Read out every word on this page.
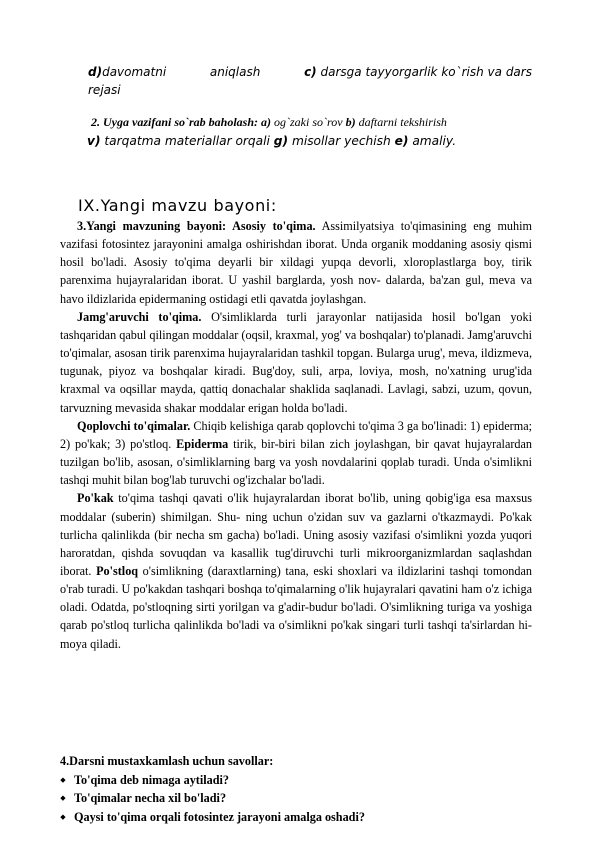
d)davomatni	aniqlash	c) darsga tayyorgarlik ko`rish va dars
rejasi
2. Uyga vazifani so`rab baholash: a) og`zaki so`rov b) daftarni tekshirish
v) tarqatma materiallar orqali g) misollar yechish e) amaliy.
IX.Yangi mavzu bayoni:

3.Yangi mavzuning bayoni: Asosiy to'qima. Assimilyatsiya to'qimasining eng muhim vazifasi fotosintez jarayonini amalga oshirishdan iborat. Unda organik moddaning asosiy qismi hosil bo'ladi. Asosiy to'qima deyarli bir xildagi yupqa devorli, xloroplastlarga boy, tirik parenxima hujayralaridan iborat. U yashil barglarda, yosh nov- dalarda, ba'zan gul, meva va havo ildizlarida epidermaning ostidagi etli qavatda joylashgan.

Jamg'aruvchi to'qima. O'simliklarda turli jarayonlar natijasida hosil bo'lgan yoki tashqaridan qabul qilingan moddalar (oqsil, kraxmal, yog' va boshqalar) to'planadi. Jamg'aruvchi to'qimalar, asosan tirik parenxima hujayralaridan tashkil topgan. Bularga urug', meva, ildizmeva, tugunak, piyoz va boshqalar kiradi. Bug'doy, suli, arpa, loviya, mosh, no'xatning urug'ida kraxmal va oqsillar mayda, qattiq donachalar shaklida saqlanadi. Lavlagi, sabzi, uzum, qovun, tarvuzning mevasida shakar moddalar erigan holda bo'ladi.

Qoplovchi to'qimalar. Chiqib kelishiga qarab qoplovchi to'qima 3 ga bo'linadi: 1) epiderma; 2) po'kak; 3) po'stloq. Epiderma tirik, bir-biri bilan zich joylashgan, bir qavat hujayralardan tuzilgan bo'lib, asosan, o'simliklarning barg va yosh novdalarini qoplab turadi. Unda o'simlikni tashqi muhit bilan bog'lab turuvchi og'izchalar bo'ladi.

Po'kak to'qima tashqi qavati o'lik hujayralardan iborat bo'lib, uning qobig'iga esa maxsus moddalar (suberin) shimilgan. Shu- ning uchun o'zidan suv va gazlarni o'tkazmaydi. Po'kak turlicha qalinlikda (bir necha sm gacha) bo'ladi. Uning asosiy vazifasi o'simlikni yozda yuqori haroratdan, qishda sovuqdan va kasallik tug'diruvchi turli mikroorganizmlardan saqlashdan iborat. Po'stloq o'simlikning (daraxtlarning) tana, eski shoxlari va ildizlarini tashqi tomondan o'rab turadi. U po'kakdan tashqari boshqa to'qimalarning o'lik hujayralari qavatini ham o'z ichiga oladi. Odatda, po'stloqning sirti yorilgan va g'adir-budur bo'ladi. O'simlikning turiga va yoshiga qarab po'stloq turlicha qalinlikda bo'ladi va o'simlikni po'kak singari turli tashqi ta'sirlardan hi- moya qiladi.

4.Darsni mustaxkamlash uchun savollar:

◆ To'qima deb nimaga aytiladi?

◆ To'qimalar necha xil bo'ladi?

◆ Qaysi to'qima orqali fotosintez jarayoni amalga oshadi?
